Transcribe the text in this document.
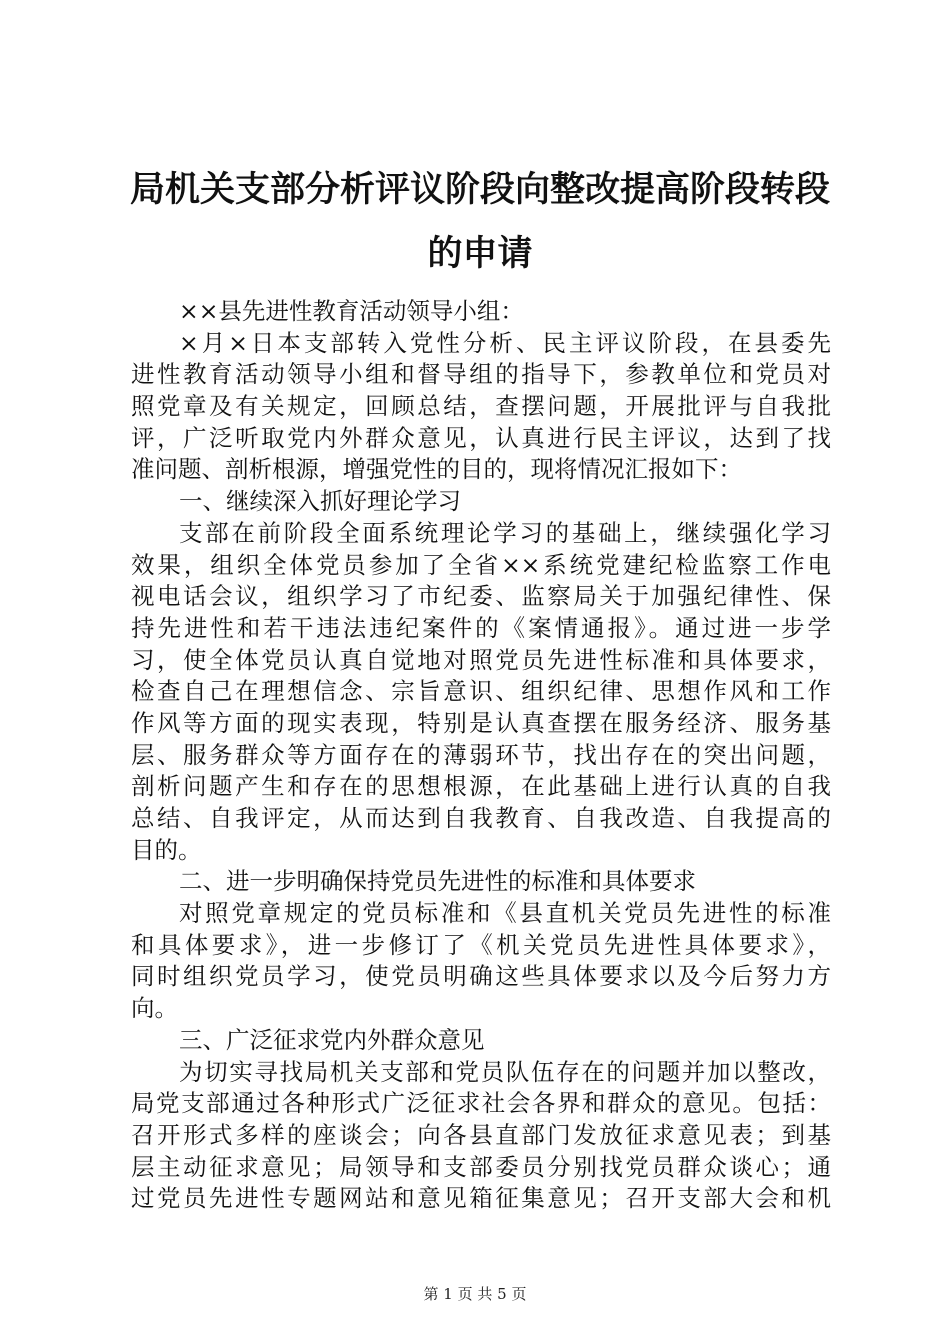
局机关支部分析评议阶段向整改提高阶段转段
的申请
××县先进性教育活动领导小组：
×月×日本支部转入党性分析、民主评议阶段，在县委先
进性教育活动领导小组和督导组的指导下，参教单位和党员对
照党章及有关规定，回顾总结，查摆问题，开展批评与自我批
评，广泛听取党内外群众意见，认真进行民主评议，达到了找
准问题、剖析根源，增强党性的目的，现将情况汇报如下：
一、继续深入抓好理论学习
支部在前阶段全面系统理论学习的基础上，继续强化学习
效果，组织全体党员参加了全省××系统党建纪检监察工作电
视电话会议，组织学习了市纪委、监察局关于加强纪律性、保
持先进性和若干违法违纪案件的《案情通报》。通过进一步学
习，使全体党员认真自觉地对照党员先进性标准和具体要求，
检查自己在理想信念、宗旨意识、组织纪律、思想作风和工作
作风等方面的现实表现，特别是认真查摆在服务经济、服务基
层、服务群众等方面存在的薄弱环节，找出存在的突出问题，
剖析问题产生和存在的思想根源，在此基础上进行认真的自我
总结、自我评定，从而达到自我教育、自我改造、自我提高的
目的。
二、进一步明确保持党员先进性的标准和具体要求
对照党章规定的党员标准和《县直机关党员先进性的标准
和具体要求》，进一步修订了《机关党员先进性具体要求》，
同时组织党员学习，使党员明确这些具体要求以及今后努力方
向。
三、广泛征求党内外群众意见
为切实寻找局机关支部和党员队伍存在的问题并加以整改，
局党支部通过各种形式广泛征求社会各界和群众的意见。包括：
召开形式多样的座谈会；向各县直部门发放征求意见表；到基
层主动征求意见；局领导和支部委员分别找党员群众谈心；通
过党员先进性专题网站和意见箱征集意见；召开支部大会和机
第 1 页 共 5 页
